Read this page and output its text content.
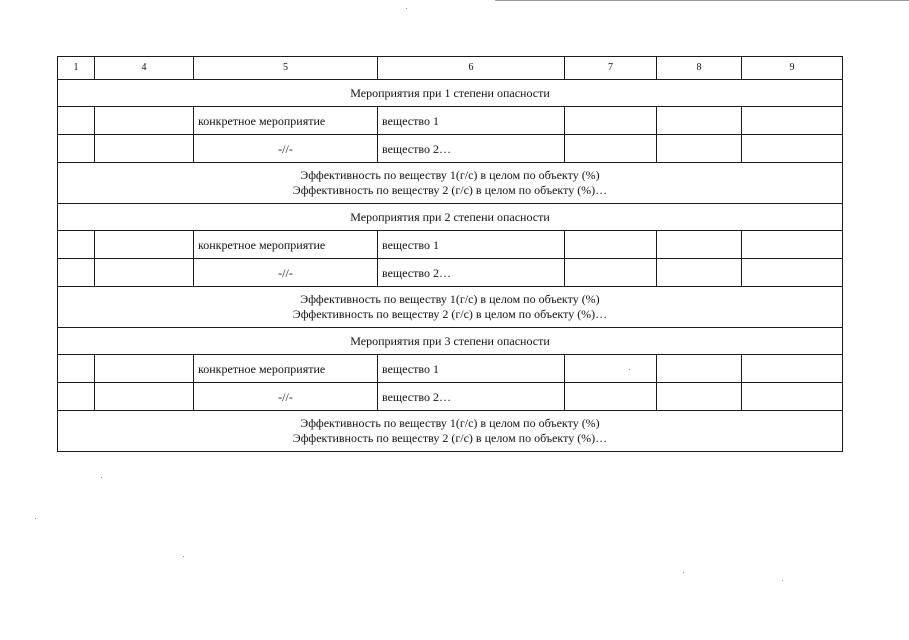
1	4	5	6	7	8	9
Мероприятия при 1 степени опасности						
		конкретное мероприятие	вещество 1			
		-//-	вещество 2…			

Эффективность по веществу 1(г/с) в целом по объекту (%)
Эффективность по веществу 2 (г/с) в целом по объекту (%)…						

Мероприятия при 2 степени опасности						
		конкретное мероприятие	вещество 1			
		-//-	вещество 2…			

Эффективность по веществу 1(г/с) в целом по объекту (%)
Эффективность по веществу 2 (г/с) в целом по объекту (%)…						

Мероприятия при 3 степени опасности						
		конкретное мероприятие	вещество 1			
		-//-	вещество 2…			

Эффективность по веществу 1(г/с) в целом по объекту (%)
Эффективность по веществу 2 (г/с) в целом по объекту (%)…						
